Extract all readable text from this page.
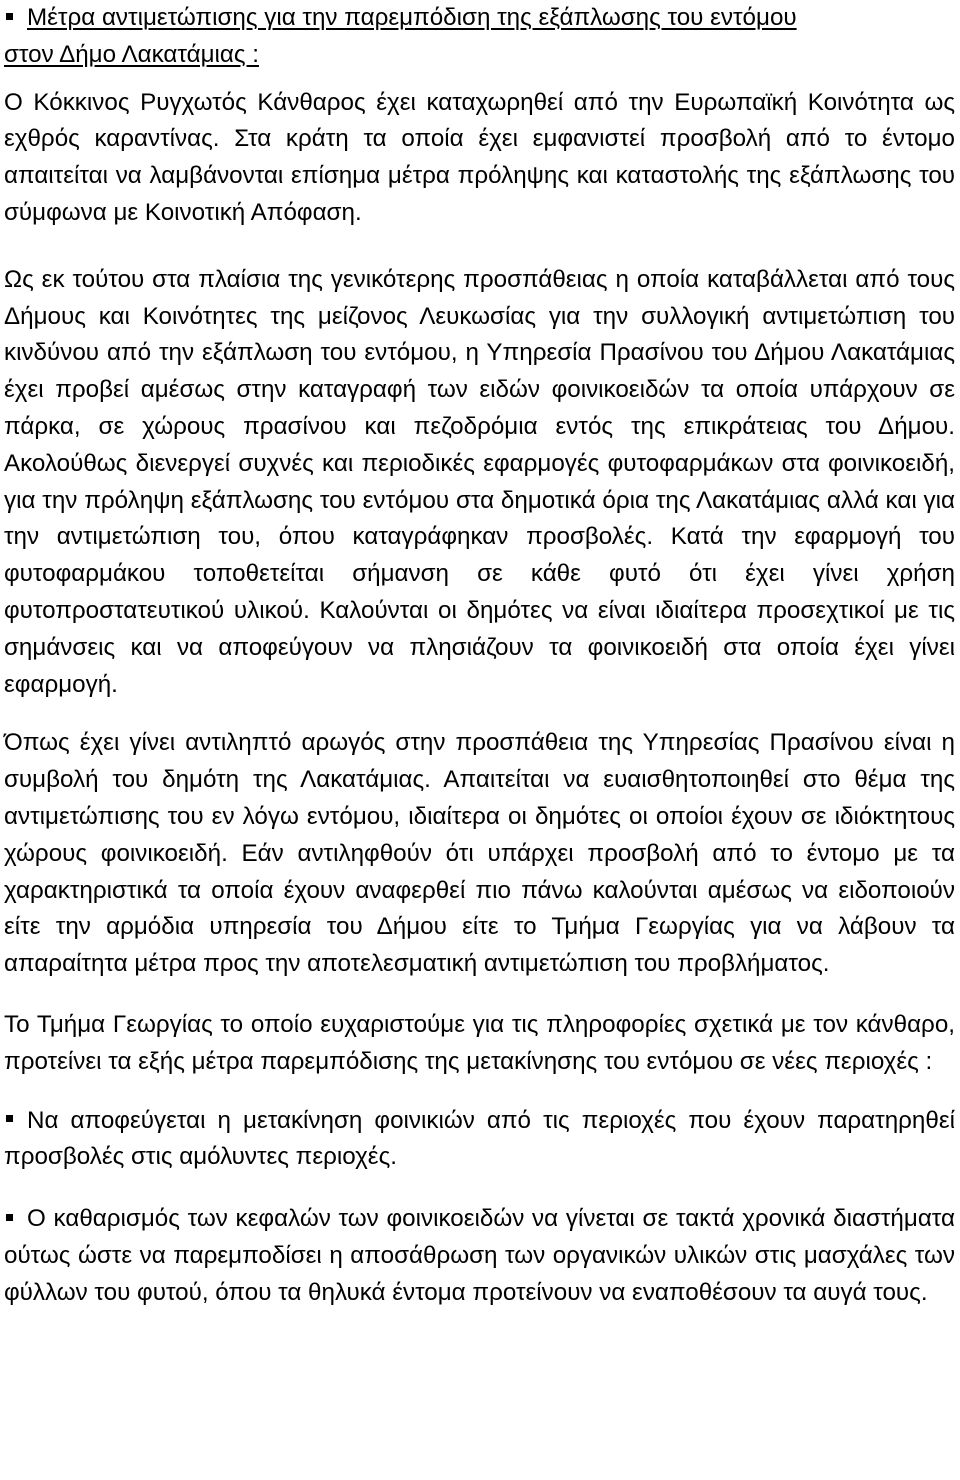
Μέτρα αντιμετώπισης για την παρεμπόδιση της εξάπλωσης του εντόμου
στον Δήμο Λακατάμιας :

Ο Κόκκινος Ρυγχωτός Κάνθαρος έχει καταχωρηθεί από την Ευρωπαϊκή Κοινότητα ως εχθρός καραντίνας. Στα κράτη τα οποία έχει εμφανιστεί προσβολή από το έντομο απαιτείται να λαμβάνονται επίσημα μέτρα πρόληψης και καταστολής της εξάπλωσης του σύμφωνα με Κοινοτική Απόφαση.

Ως εκ τούτου στα πλαίσια της γενικότερης προσπάθειας η οποία καταβάλλεται από τους Δήμους και Κοινότητες της μείζονος Λευκωσίας για την συλλογική αντιμετώπιση του κινδύνου από την εξάπλωση του εντόμου, η Υπηρεσία Πρασίνου του Δήμου Λακατάμιας έχει προβεί αμέσως στην καταγραφή των ειδών φοινικοειδών τα οποία υπάρχουν σε πάρκα, σε χώρους πρασίνου και πεζοδρόμια εντός της επικράτειας του Δήμου. Ακολούθως διενεργεί συχνές και περιοδικές εφαρμογές φυτοφαρμάκων στα φοινικοειδή, για την πρόληψη εξάπλωσης του εντόμου στα δημοτικά όρια της Λακατάμιας αλλά και για την αντιμετώπιση του, όπου καταγράφηκαν προσβολές. Κατά την εφαρμογή του φυτοφαρμάκου τοποθετείται σήμανση σε κάθε φυτό ότι έχει γίνει χρήση φυτοπροστατευτικού υλικού. Καλούνται οι δημότες να είναι ιδιαίτερα προσεχτικοί με τις σημάνσεις και να αποφεύγουν να πλησιάζουν τα φοινικοειδή στα οποία έχει γίνει εφαρμογή.

Όπως έχει γίνει αντιληπτό αρωγός στην προσπάθεια της Υπηρεσίας Πρασίνου είναι η συμβολή του δημότη της Λακατάμιας. Απαιτείται να ευαισθητοποιηθεί στο θέμα της αντιμετώπισης του εν λόγω εντόμου, ιδιαίτερα οι δημότες οι οποίοι έχουν σε ιδιόκτητους χώρους φοινικοειδή. Εάν αντιληφθούν ότι υπάρχει προσβολή από το έντομο με τα χαρακτηριστικά τα οποία έχουν αναφερθεί πιο πάνω καλούνται αμέσως να ειδοποιούν είτε την αρμόδια υπηρεσία του Δήμου είτε το Τμήμα Γεωργίας για να λάβουν τα απαραίτητα μέτρα προς την αποτελεσματική αντιμετώπιση του προβλήματος.

Το Τμήμα Γεωργίας το οποίο ευχαριστούμε για τις πληροφορίες σχετικά με τον κάνθαρο, προτείνει τα εξής μέτρα παρεμπόδισης της μετακίνησης του εντόμου σε νέες περιοχές :

Να αποφεύγεται η μετακίνηση φοινικιών από τις περιοχές που έχουν παρατηρηθεί προσβολές στις αμόλυντες περιοχές.

Ο καθαρισμός των κεφαλών των φοινικοειδών να γίνεται σε τακτά χρονικά διαστήματα ούτως ώστε να παρεμποδίσει η αποσάθρωση των οργανικών υλικών στις μασχάλες των φύλλων του φυτού, όπου τα θηλυκά έντομα προτείνουν να εναποθέσουν τα αυγά τους.
